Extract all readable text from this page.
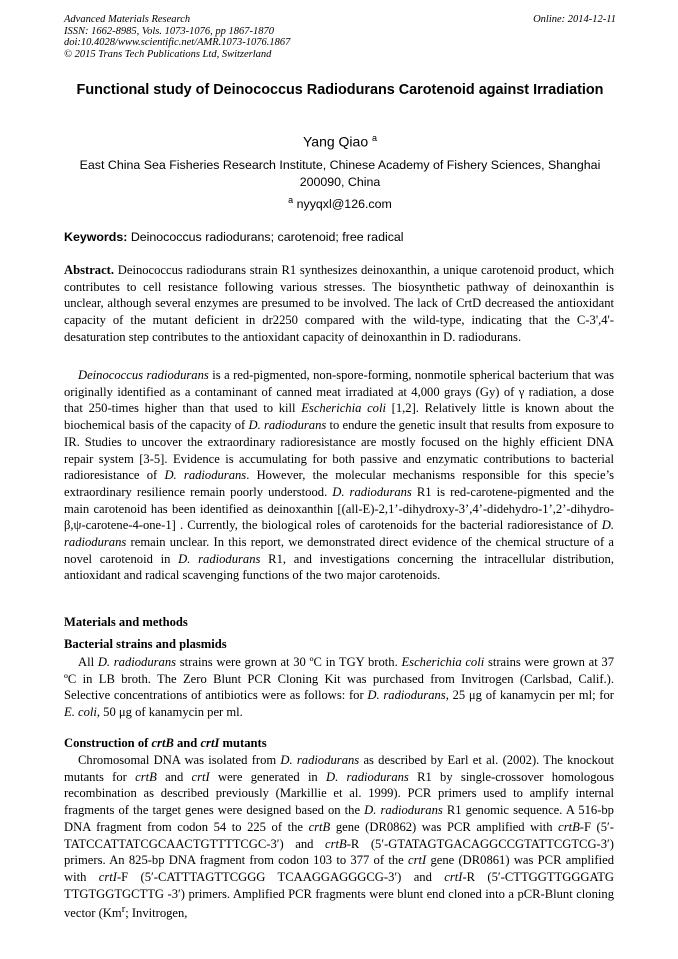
Advanced Materials Research
ISSN: 1662-8985, Vols. 1073-1076, pp 1867-1870
doi:10.4028/www.scientific.net/AMR.1073-1076.1867
© 2015 Trans Tech Publications Ltd, Switzerland
Online: 2014-12-11
Functional study of Deinococcus Radiodurans Carotenoid against Irradiation
Yang Qiao $^a$
East China Sea Fisheries Research Institute, Chinese Academy of Fishery Sciences, Shanghai 200090, China
$^a$ nyyqxl@126.com
Keywords: Deinococcus radiodurans; carotenoid; free radical
Abstract. Deinococcus radiodurans strain R1 synthesizes deinoxanthin, a unique carotenoid product, which contributes to cell resistance following various stresses. The biosynthetic pathway of deinoxanthin is unclear, although several enzymes are presumed to be involved. The lack of CrtD decreased the antioxidant capacity of the mutant deficient in dr2250 compared with the wild-type, indicating that the C-3',4'-desaturation step contributes to the antioxidant capacity of deinoxanthin in D. radiodurans.
Deinococcus radiodurans is a red-pigmented, non-spore-forming, nonmotile spherical bacterium that was originally identified as a contaminant of canned meat irradiated at 4,000 grays (Gy) of γ radiation, a dose that 250-times higher than that used to kill Escherichia coli [1,2]. Relatively little is known about the biochemical basis of the capacity of D. radiodurans to endure the genetic insult that results from exposure to IR. Studies to uncover the extraordinary radioresistance are mostly focused on the highly efficient DNA repair system [3-5]. Evidence is accumulating for both passive and enzymatic contributions to bacterial radioresistance of D. radiodurans. However, the molecular mechanisms responsible for this specie’s extraordinary resilience remain poorly understood. D. radiodurans R1 is red-carotene-pigmented and the main carotenoid has been identified as deinoxanthin [(all-E)-2,1’-dihydroxy-3’,4’-didehydro-1’,2’-dihydro-β,ψ-carotene-4-one-1] . Currently, the biological roles of carotenoids for the bacterial radioresistance of D. radiodurans remain unclear. In this report, we demonstrated direct evidence of the chemical structure of a novel carotenoid in D. radiodurans R1, and investigations concerning the intracellular distribution, antioxidant and radical scavenging functions of the two major carotenoids.
Materials and methods
Bacterial strains and plasmids
All D. radiodurans strains were grown at 30 ºC in TGY broth. Escherichia coli strains were grown at 37 ºC in LB broth. The Zero Blunt PCR Cloning Kit was purchased from Invitrogen (Carlsbad, Calif.). Selective concentrations of antibiotics were as follows: for D. radiodurans, 25 μg of kanamycin per ml; for E. coli, 50 μg of kanamycin per ml.
Construction of crtB and crtI mutants
Chromosomal DNA was isolated from D. radiodurans as described by Earl et al. (2002). The knockout mutants for crtB and crtI were generated in D. radiodurans R1 by single-crossover homologous recombination as described previously (Markillie et al. 1999). PCR primers used to amplify internal fragments of the target genes were designed based on the D. radiodurans R1 genomic sequence. A 516-bp DNA fragment from codon 54 to 225 of the crtB gene (DR0862) was PCR amplified with crtB-F (5′-TATCCATTATCGCAACTGTTTTCGC-3′) and crtB-R (5′-GTATAGTGACAGGCCGTATTCGTCG-3′) primers. An 825-bp DNA fragment from codon 103 to 377 of the crtI gene (DR0861) was PCR amplified with crtI-F (5′-CATTTAGTTCGGG TCAAGGAGGGCG-3′) and crtI-R (5′-CTTGGTTGGGATG TTGTGGTGCTTG -3′) primers. Amplified PCR fragments were blunt end cloned into a pCR-Blunt cloning vector (Km$^r$; Invitrogen,
